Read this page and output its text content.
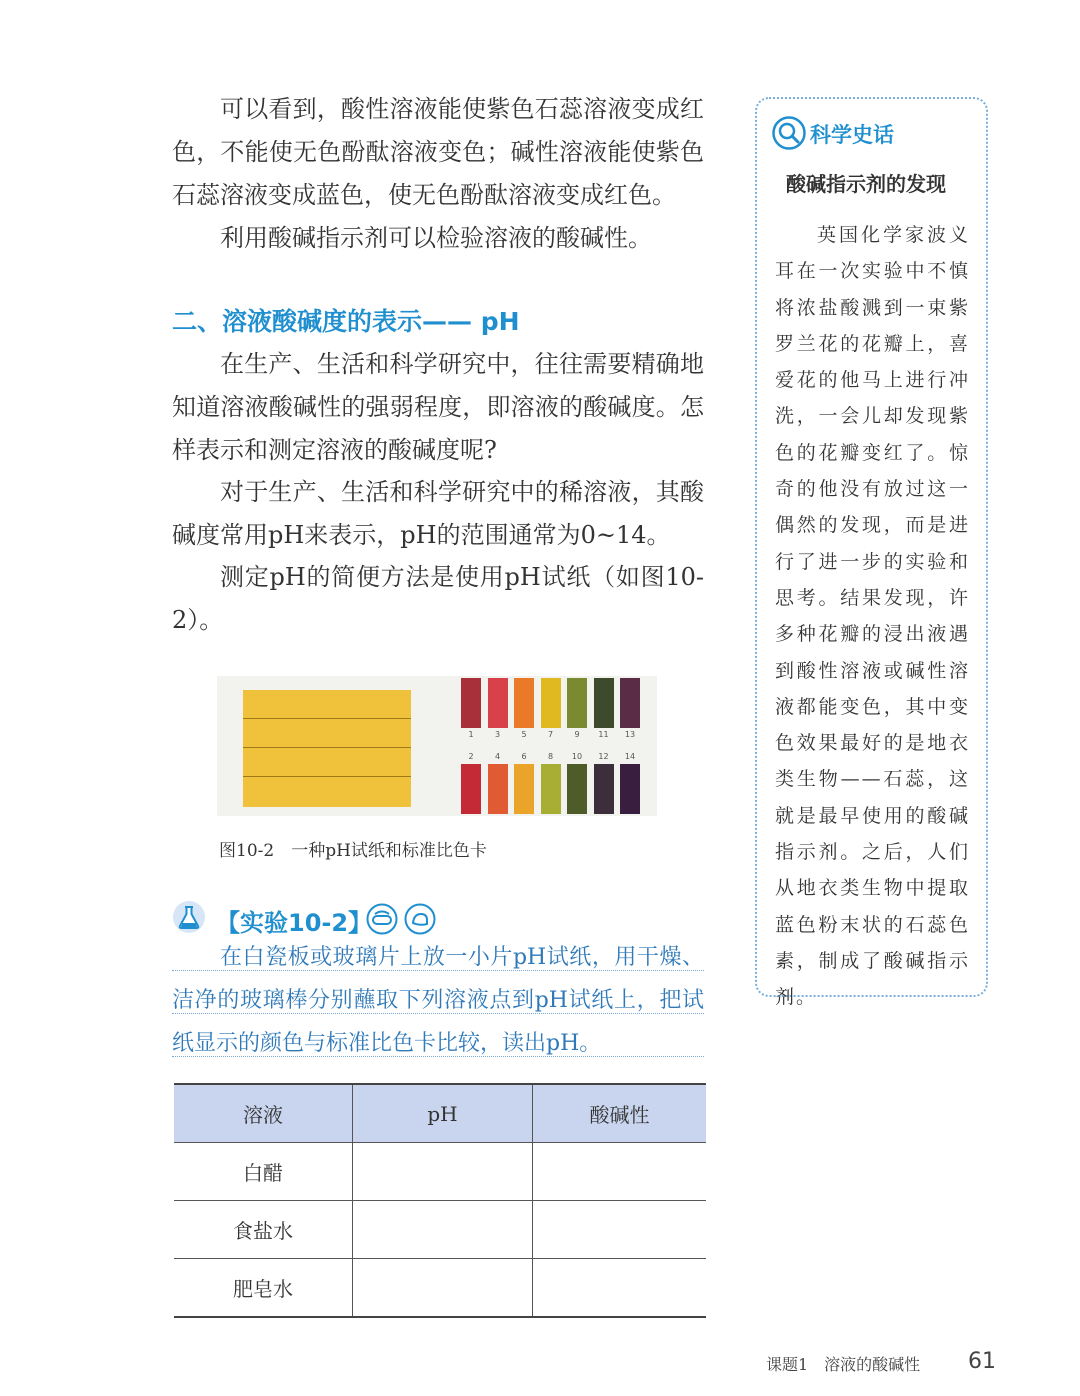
可以看到，酸性溶液能使紫色石蕊溶液变成红色，不能使无色酚酞溶液变色；碱性溶液能使紫色石蕊溶液变成蓝色，使无色酚酞溶液变成红色。

利用酸碱指示剂可以检验溶液的酸碱性。

二、溶液酸碱度的表示—— pH

在生产、生活和科学研究中，往往需要精确地知道溶液酸碱性的强弱程度，即溶液的酸碱度。怎样表示和测定溶液的酸碱度呢?

对于生产、生活和科学研究中的稀溶液，其酸碱度常用pH来表示，pH的范围通常为0~14。

测定pH的简便方法是使用pH试纸（如图10-2）。

1	3	5	7	9	11	13
2	4	6	8	10	12	14
图10-2　一种pH试纸和标准比色卡
【实验10-2】
在白瓷板或玻璃片上放一小片pH试纸，用干燥、洁净的玻璃棒分别蘸取下列溶液点到pH试纸上，把试纸显示的颜色与标准比色卡比较，读出pH。
溶液	pH	酸碱性
白醋		
食盐水		
肥皂水		
科学史话
酸碱指示剂的发现

英国化学家波义耳在一次实验中不慎将浓盐酸溅到一束紫罗兰花的花瓣上，喜爱花的他马上进行冲洗，一会儿却发现紫色的花瓣变红了。惊奇的他没有放过这一偶然的发现，而是进行了进一步的实验和思考。结果发现，许多种花瓣的浸出液遇到酸性溶液或碱性溶液都能变色，其中变色效果最好的是地衣类生物——石蕊，这就是最早使用的酸碱指示剂。之后，人们从地衣类生物中提取蓝色粉末状的石蕊色素，制成了酸碱指示剂。

课题1　溶液的酸碱性 61
